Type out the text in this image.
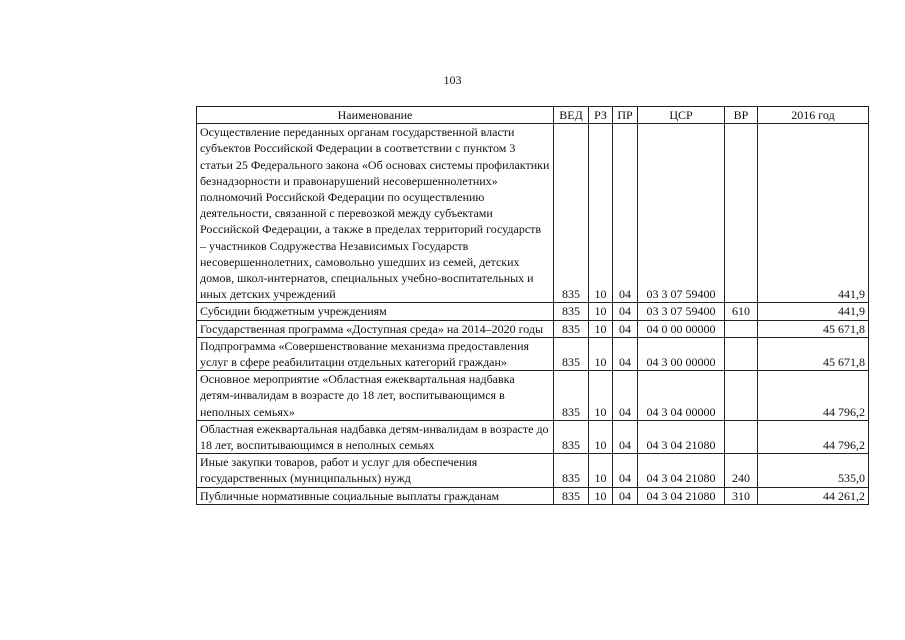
103
Наименование	ВЕД	РЗ	ПР	ЦСР	ВР	2016 год
Осуществление переданных органам государственной власти субъектов Российской Федерации в соответствии с пунктом 3 статьи 25 Федерального закона «Об основах системы профилактики безнадзорности и правонарушений несовершеннолетних» полномочий Российской Федерации по осуществлению деятельности, связанной с перевозкой между субъектами Российской Федерации, а также в пределах территорий государств – участников Содружества Независимых Государств несовершеннолетних, самовольно ушедших из семей, детских домов, школ-интернатов, специальных учебно-воспитательных и иных детских учреждений	835	10	04	03 3 07 59400		441,9
Субсидии бюджетным учреждениям	835	10	04	03 3 07 59400	610	441,9
Государственная программа «Доступная среда» на 2014–2020 годы	835	10	04	04 0 00 00000		45 671,8
Подпрограмма «Совершенствование механизма предоставления услуг в сфере реабилитации отдельных категорий граждан»	835	10	04	04 3 00 00000		45 671,8
Основное мероприятие «Областная ежеквартальная надбавка детям-инвалидам в возрасте до 18 лет, воспитывающимся в неполных семьях»	835	10	04	04 3 04 00000		44 796,2
Областная ежеквартальная надбавка детям-инвалидам в возрасте до 18 лет, воспитывающимся в неполных семьях	835	10	04	04 3 04 21080		44 796,2
Иные закупки товаров, работ и услуг для обеспечения государственных (муниципальных) нужд	835	10	04	04 3 04 21080	240	535,0
Публичные нормативные социальные выплаты гражданам	835	10	04	04 3 04 21080	310	44 261,2
